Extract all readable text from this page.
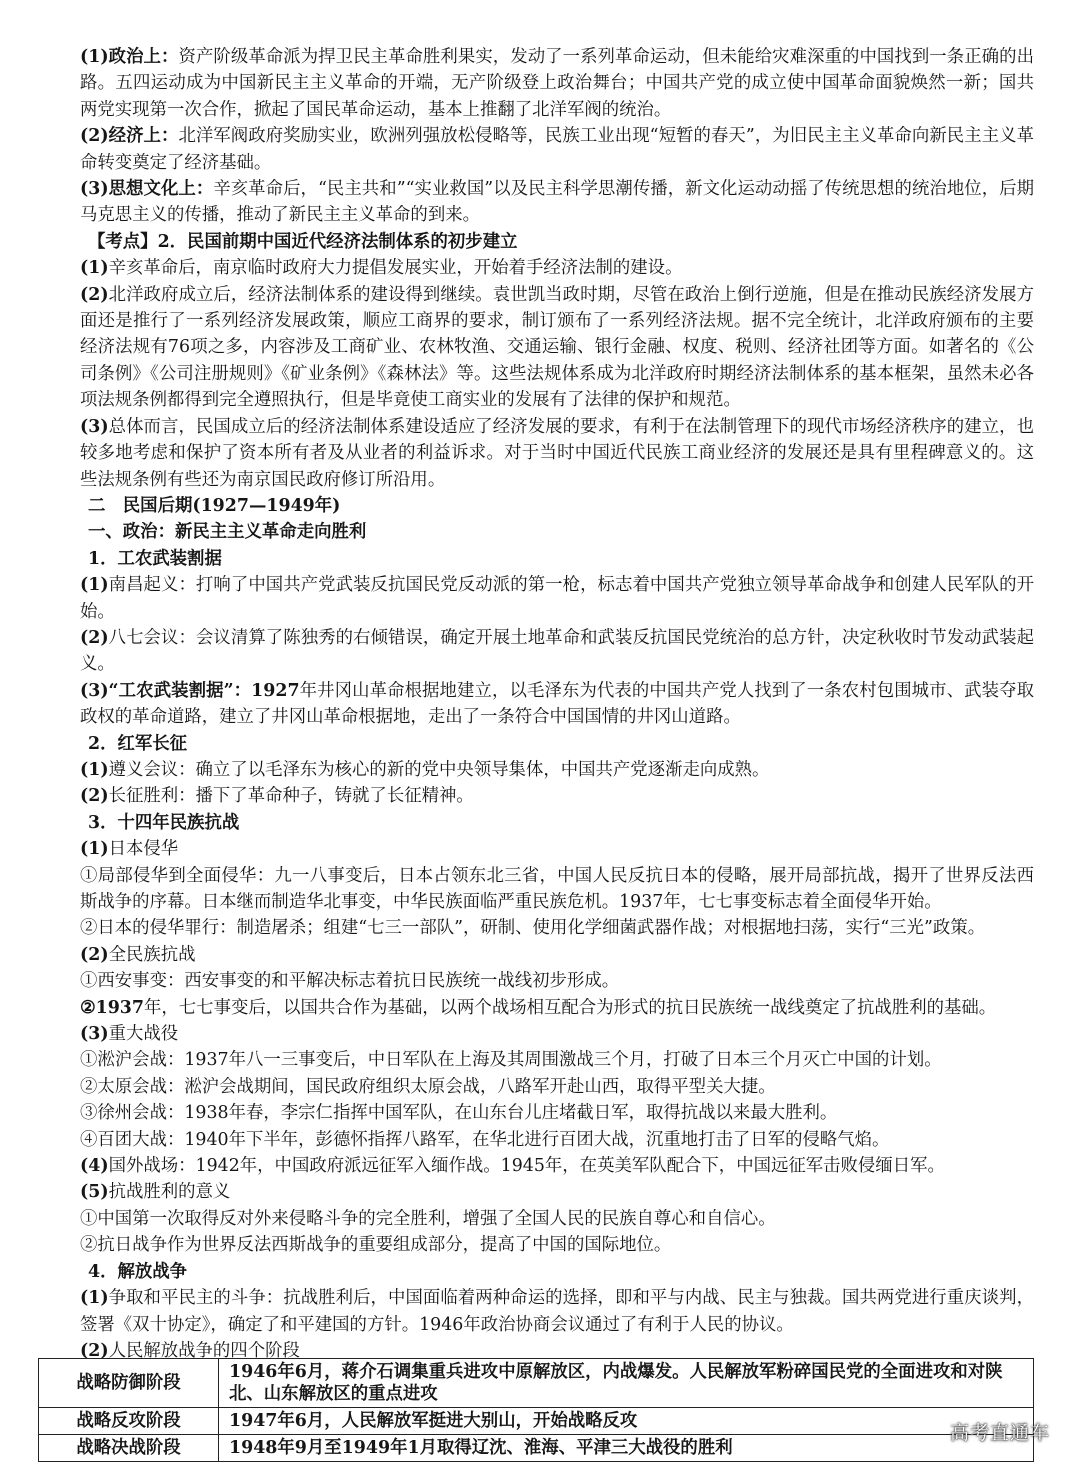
(1)政治上：资产阶级革命派为捍卫民主革命胜利果实，发动了一系列革命运动，但未能给灾难深重的中国找到一条正确的出路。五四运动成为中国新民主主义革命的开端，无产阶级登上政治舞台；中国共产党的成立使中国革命面貌焕然一新；国共两党实现第一次合作，掀起了国民革命运动，基本上推翻了北洋军阀的统治。

(2)经济上：北洋军阀政府奖励实业，欧洲列强放松侵略等，民族工业出现“短暂的春天”，为旧民主主义革命向新民主主义革命转变奠定了经济基础。

(3)思想文化上：辛亥革命后，“民主共和”“实业救国”以及民主科学思潮传播，新文化运动动摇了传统思想的统治地位，后期马克思主义的传播，推动了新民主主义革命的到来。

【考点】2．民国前期中国近代经济法制体系的初步建立

(1)辛亥革命后，南京临时政府大力提倡发展实业，开始着手经济法制的建设。

(2)北洋政府成立后，经济法制体系的建设得到继续。袁世凯当政时期，尽管在政治上倒行逆施，但是在推动民族经济发展方面还是推行了一系列经济发展政策，顺应工商界的要求，制订颁布了一系列经济法规。据不完全统计，北洋政府颁布的主要经济法规有76项之多，内容涉及工商矿业、农林牧渔、交通运输、银行金融、权度、税则、经济社团等方面。如著名的《公司条例》《公司注册规则》《矿业条例》《森林法》等。这些法规体系成为北洋政府时期经济法制体系的基本框架，虽然未必各项法规条例都得到完全遵照执行，但是毕竟使工商实业的发展有了法律的保护和规范。

(3)总体而言，民国成立后的经济法制体系建设适应了经济发展的要求，有利于在法制管理下的现代市场经济秩序的建立，也较多地考虑和保护了资本所有者及从业者的利益诉求。对于当时中国近代民族工商业经济的发展还是具有里程碑意义的。这些法规条例有些还为南京国民政府修订所沿用。

二　民国后期(1927—1949年)

一、政治：新民主主义革命走向胜利

1．工农武装割据

(1)南昌起义：打响了中国共产党武装反抗国民党反动派的第一枪，标志着中国共产党独立领导革命战争和创建人民军队的开始。

(2)八七会议：会议清算了陈独秀的右倾错误，确定开展土地革命和武装反抗国民党统治的总方针，决定秋收时节发动武装起义。

(3)“工农武装割据”：1927年井冈山革命根据地建立，以毛泽东为代表的中国共产党人找到了一条农村包围城市、武装夺取政权的革命道路，建立了井冈山革命根据地，走出了一条符合中国国情的井冈山道路。

2．红军长征

(1)遵义会议：确立了以毛泽东为核心的新的党中央领导集体，中国共产党逐渐走向成熟。

(2)长征胜利：播下了革命种子，铸就了长征精神。

3．十四年民族抗战

(1)日本侵华

①局部侵华到全面侵华：九一八事变后，日本占领东北三省，中国人民反抗日本的侵略，展开局部抗战，揭开了世界反法西斯战争的序幕。日本继而制造华北事变，中华民族面临严重民族危机。1937年，七七事变标志着全面侵华开始。

②日本的侵华罪行：制造屠杀；组建“七三一部队”，研制、使用化学细菌武器作战；对根据地扫荡，实行“三光”政策。

(2)全民族抗战

①西安事变：西安事变的和平解决标志着抗日民族统一战线初步形成。

②1937年，七七事变后，以国共合作为基础，以两个战场相互配合为形式的抗日民族统一战线奠定了抗战胜利的基础。

(3)重大战役

①淞沪会战：1937年八一三事变后，中日军队在上海及其周围激战三个月，打破了日本三个月灭亡中国的计划。

②太原会战：淞沪会战期间，国民政府组织太原会战，八路军开赴山西，取得平型关大捷。

③徐州会战：1938年春，李宗仁指挥中国军队，在山东台儿庄堵截日军，取得抗战以来最大胜利。

④百团大战：1940年下半年，彭德怀指挥八路军，在华北进行百团大战，沉重地打击了日军的侵略气焰。

(4)国外战场：1942年，中国政府派远征军入缅作战。1945年，在英美军队配合下，中国远征军击败侵缅日军。

(5)抗战胜利的意义

①中国第一次取得反对外来侵略斗争的完全胜利，增强了全国人民的民族自尊心和自信心。

②抗日战争作为世界反法西斯战争的重要组成部分，提高了中国的国际地位。

4．解放战争

(1)争取和平民主的斗争：抗战胜利后，中国面临着两种命运的选择，即和平与内战、民主与独裁。国共两党进行重庆谈判，签署《双十协定》，确定了和平建国的方针。1946年政治协商会议通过了有利于人民的协议。

(2)人民解放战争的四个阶段

战略防御阶段	1946年6月，蒋介石调集重兵进攻中原解放区，内战爆发。人民解放军粉碎国民党的全面进攻和对陕北、山东解放区的重点进攻
战略反攻阶段	1947年6月，人民解放军挺进大别山，开始战略反攻
战略决战阶段	1948年9月至1949年1月取得辽沈、淮海、平津三大战役的胜利
高考直通车
